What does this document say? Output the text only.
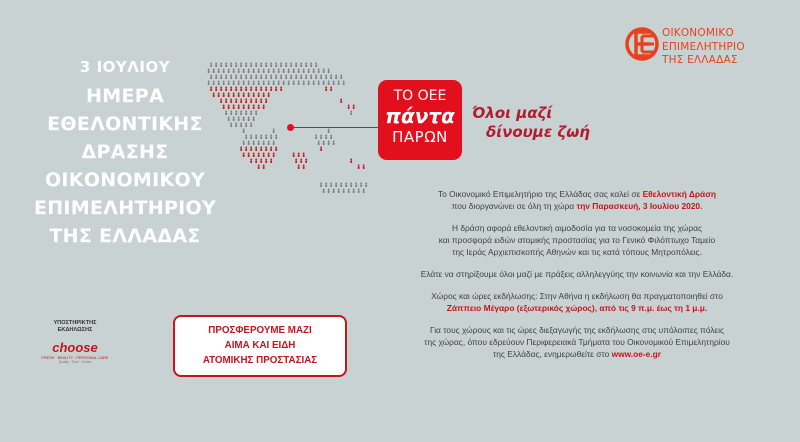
3 ΙΟΥΛΙΟΥ
ΗΜΕΡΑ
ΕΘΕΛΟΝΤΙΚΗΣ
ΔΡΑΣΗΣ
ΟΙΚΟΝΟΜΙΚΟΥ
ΕΠΙΜΕΛΗΤΗΡΙΟΥ
ΤΗΣ ΕΛΛΑΔΑΣ
ΤΟ ΟΕΕ
πάντα
ΠΑΡΩΝ
Όλοι μαζί
δίνουμε ζωή
ΟΙΚΟΝΟΜΙΚΟ
ΕΠΙΜΕΛΗΤΗΡΙΟ
ΤΗΣ ΕΛΛΑΔΑΣ

Το Οικονομικό Επιμελητήριο της Ελλάδας σας καλεί σε Εθελοντική Δράση
που διοργανώνει σε όλη τη χώρα την Παρασκευή, 3 Ιουλίου 2020.

Η δράση αφορά εθελοντική αιμοδοσία για τα νοσοκομεία της χώρας
και προσφορά ειδών ατομικής προστασίας για το Γενικό Φιλόπτωχο Ταμείο
της Ιεράς Αρχιεπισκοπής Αθηνών και τις κατά τόπους Μητροπόλεις.

Ελάτε να στηρίξουμε όλοι μαζί με πράξεις αλληλεγγύης την κοινωνία και την Ελλάδα.

Χώρος και ώρες εκδήλωσης: Στην Αθήνα η εκδήλωση θα πραγματοποιηθεί στο
Ζάππειο Μέγαρο (εξωτερικός χώρος), από τις 9 π.μ. έως τη 1 μ.μ.

Για τους χώρους και τις ώρες διεξαγωγής της εκδήλωσης στις υπόλοιπες πόλεις
της χώρας, όπου εδρεύουν Περιφερειακά Τμήματα του Οικονομικού Επιμελητηρίου
της Ελλάδας, ενημερωθείτε στο www.oe-e.gr

ΠΡΟΣΦΕΡΟΥΜΕ ΜΑΖΙ
ΑΙΜΑ ΚΑΙ ΕΙΔΗ
ΑΤΟΜΙΚΗΣ ΠΡΟΣΤΑΣΙΑΣ
ΥΠΟΣΤΗΡΙΚΤΗΣ
ΕΚΔΗΛΩΣΗΣ
choose
FRESH · BEAUTY · PERSONAL CARE
Quality · Trust · Choice
